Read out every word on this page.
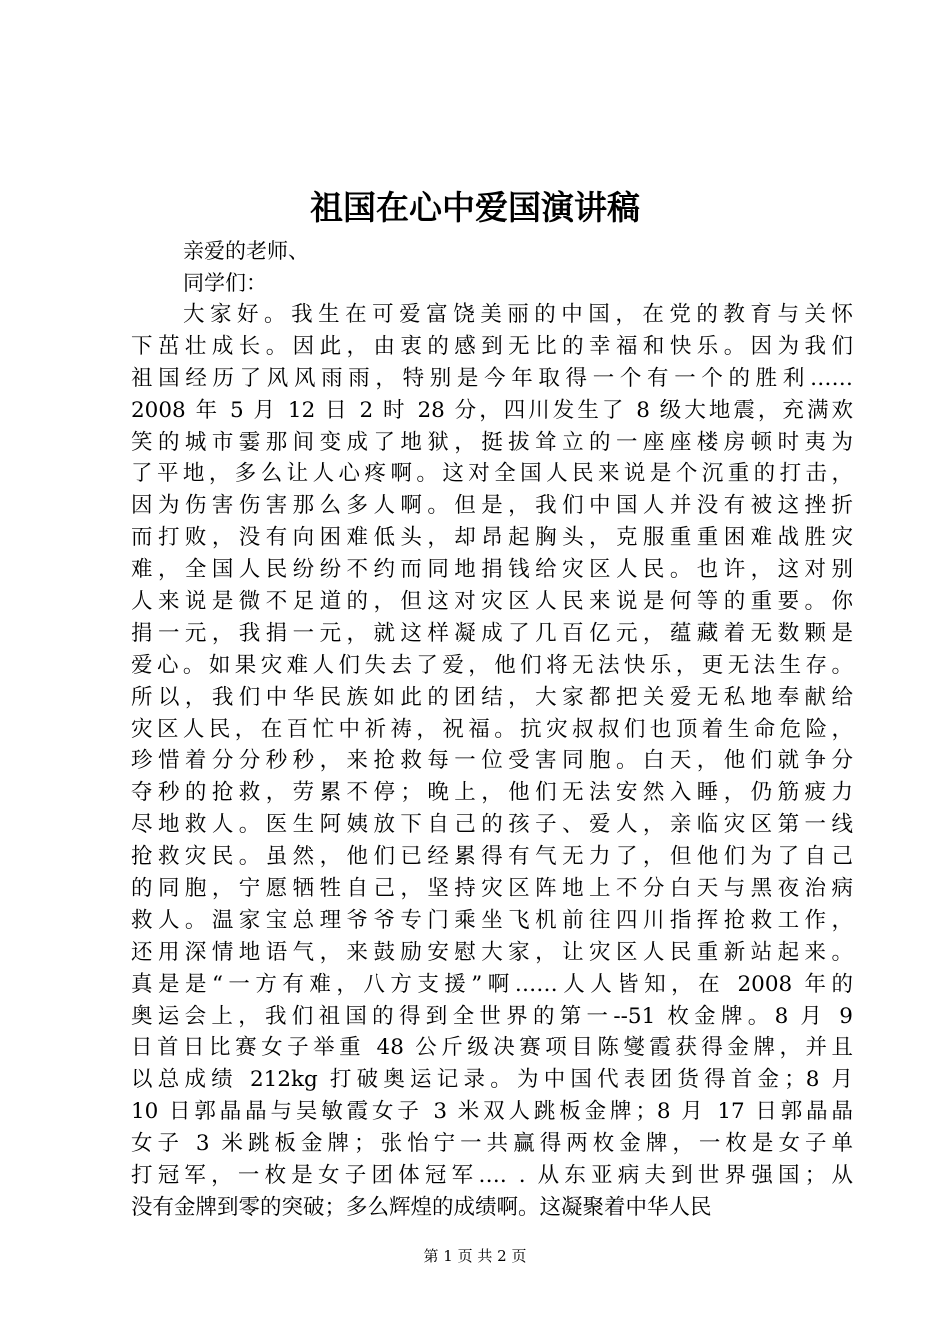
祖国在心中爱国演讲稿
亲爱的老师、
同学们：
大家好。我生在可爱富饶美丽的中国，在党的教育与关怀
下茁壮成长。因此，由衷的感到无比的幸福和快乐。因为我们
祖国经历了风风雨雨，特别是今年取得一个有一个的胜利……
2008 年 5 月 12 日 2 时 28 分，四川发生了 8 级大地震，充满欢
笑的城市霎那间变成了地狱，挺拔耸立的一座座楼房顿时夷为
了平地，多么让人心疼啊。这对全国人民来说是个沉重的打击，
因为伤害伤害那么多人啊。但是，我们中国人并没有被这挫折
而打败，没有向困难低头，却昂起胸头，克服重重困难战胜灾
难，全国人民纷纷不约而同地捐钱给灾区人民。也许，这对别
人来说是微不足道的，但这对灾区人民来说是何等的重要。你
捐一元，我捐一元，就这样凝成了几百亿元，蕴藏着无数颗是
爱心。如果灾难人们失去了爱，他们将无法快乐，更无法生存。
所以，我们中华民族如此的团结，大家都把关爱无私地奉献给
灾区人民，在百忙中祈祷，祝福。抗灾叔叔们也顶着生命危险，
珍惜着分分秒秒，来抢救每一位受害同胞。白天，他们就争分
夺秒的抢救，劳累不停；晚上，他们无法安然入睡，仍筋疲力
尽地救人。医生阿姨放下自己的孩子、爱人，亲临灾区第一线
抢救灾民。虽然，他们已经累得有气无力了，但他们为了自己
的同胞，宁愿牺牲自己，坚持灾区阵地上不分白天与黑夜治病
救人。温家宝总理爷爷专门乘坐飞机前往四川指挥抢救工作，
还用深情地语气，来鼓励安慰大家，让灾区人民重新站起来。
真是是“一方有难，八方支援”啊……人人皆知，在 2008 年的
奥运会上，我们祖国的得到全世界的第一--51 枚金牌。8 月 9
日首日比赛女子举重 48 公斤级决赛项目陈燮霞获得金牌，并且
以总成绩 212kg 打破奥运记录。为中国代表团货得首金；8 月
10 日郭晶晶与吴敏霞女子 3 米双人跳板金牌；8 月 17 日郭晶晶
女子 3 米跳板金牌；张怡宁一共赢得两枚金牌，一枚是女子单
打冠军，一枚是女子团体冠军…. . 从东亚病夫到世界强国；从
没有金牌到零的突破；多么辉煌的成绩啊。这凝聚着中华人民
第 1 页 共 2 页
